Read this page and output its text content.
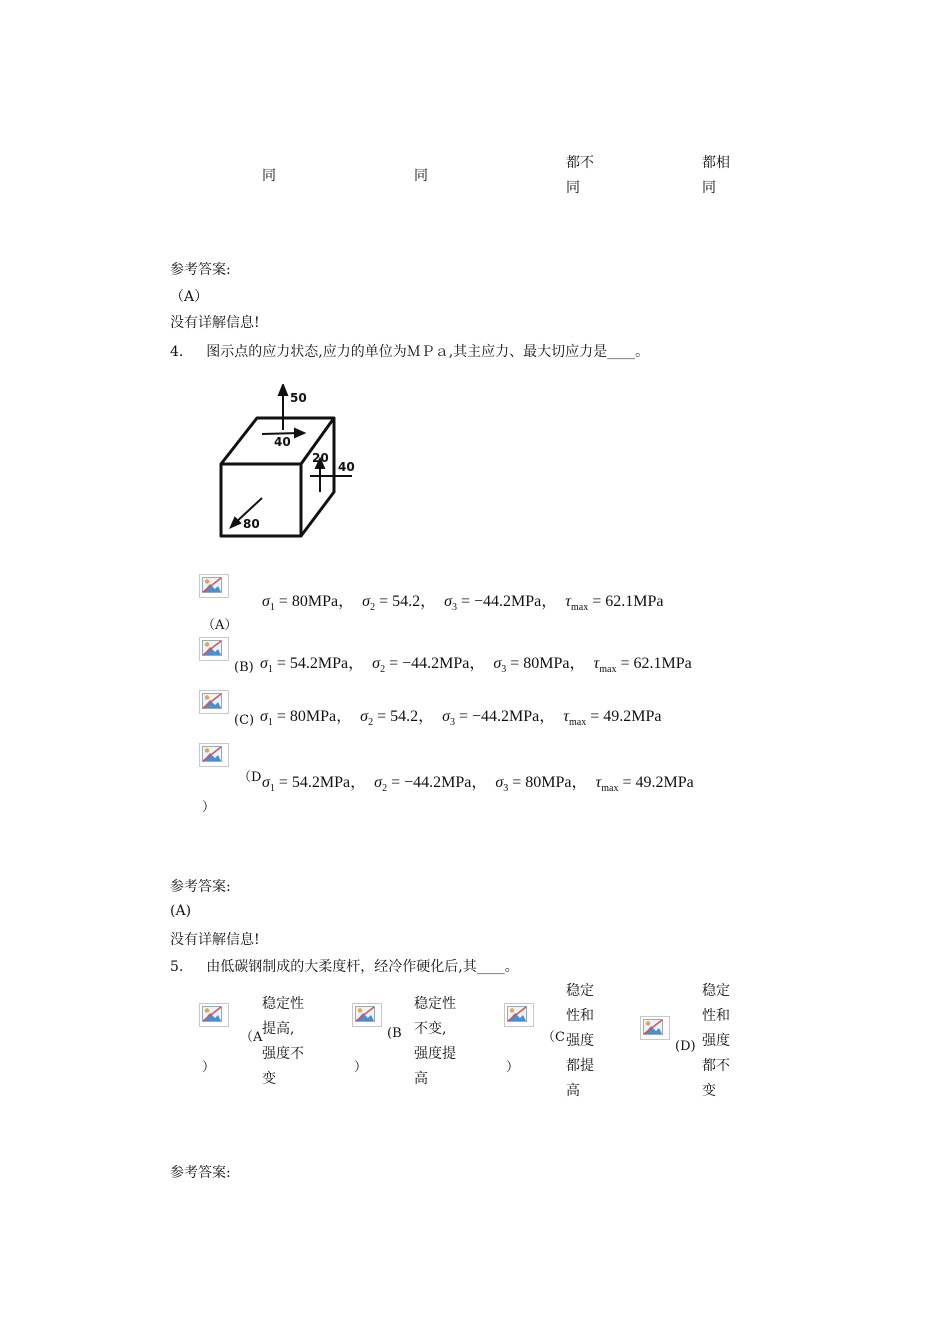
同	同
都不
同
都相
同
参考答案:
（A）
没有详解信息!
4. 图示点的应力状态,应力的单位为ＭＰａ,其主应力、最大切应力是____。
50
40
20
40
80
$\sigma_1 = 80MPa$，  $\sigma_2 = 54.2$，  $\sigma_3 = -44.2MPa$，  $\tau_{max} = 62.1MPa$
（A）
(B) $\sigma_1 = 54.2MPa$，  $\sigma_2 = -44.2MPa$，  $\sigma_3 = 80MPa$，  $\tau_{max} = 62.1MPa$
(C) $\sigma_1 = 80MPa$，  $\sigma_2 = 54.2$，  $\sigma_3 = -44.2MPa$，  $\tau_{max} = 49.2MPa$
（D
）
$\sigma_1 = 54.2MPa$，  $\sigma_2 = -44.2MPa$，  $\sigma_3 = 80MPa$，  $\tau_{max} = 49.2MPa$
参考答案:
(A)
没有详解信息!
5. 由低碳钢制成的大柔度杆，经冷作硬化后,其____。
（A
）
稳定性
提高,
强度不
变
(B
）
稳定性
不变,
强度提
高
（C
）
稳定
性和
强度
都提
高
(D)
稳定
性和
强度
都不
变
参考答案:
